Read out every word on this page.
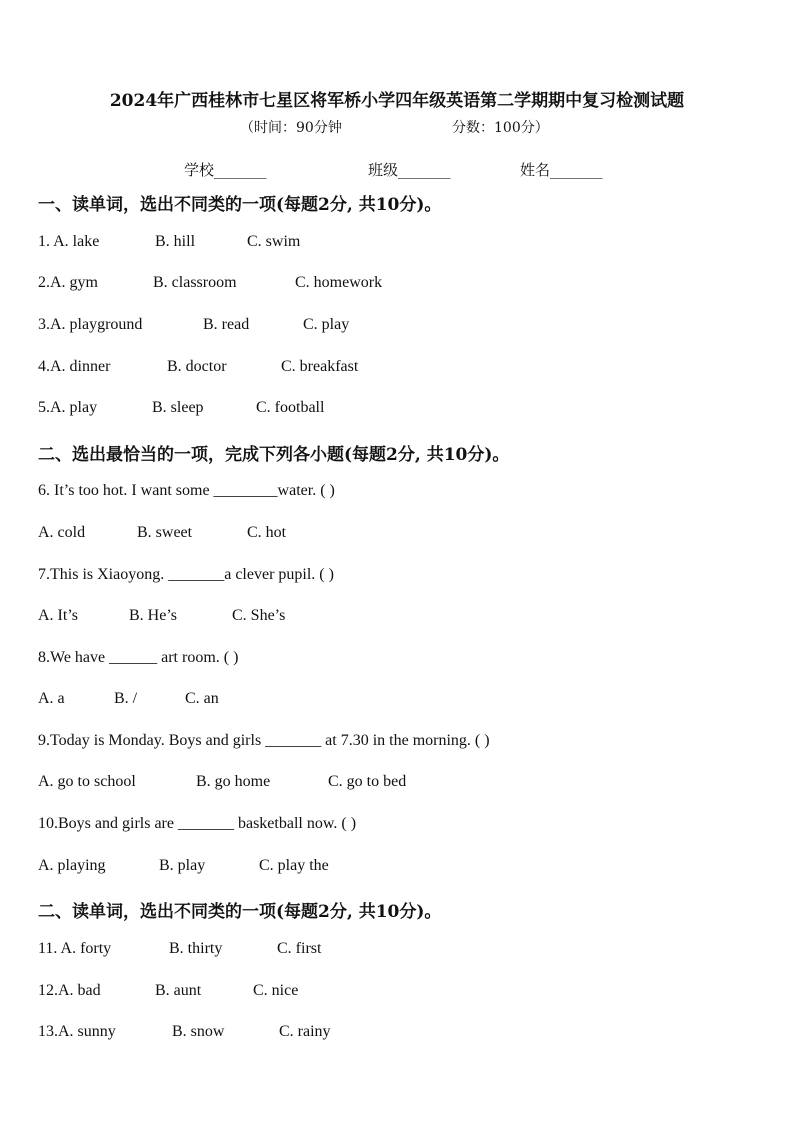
2024年广西桂林市七星区将军桥小学四年级英语第二学期期中复习检测试题
（时间：90分钟	分数：100分）
学校_______	班级_______	姓名_______
一、读单词，选出不同类的一项(每题2分, 共10分)。
1. A. lake	B. hill	C. swim
2.A. gym	B. classroom	C. homework
3.A. playground	B. read	C. play
4.A. dinner	B. doctor	C. breakfast
5.A. play	B. sleep	C. football
二、选出最恰当的一项，完成下列各小题(每题2分, 共10分)。
6. It’s too hot. I want some ________water. ( )
A. cold	B. sweet	C. hot
7.This is Xiaoyong. _______a clever pupil. ( )
A. It’s	B. He’s	C. She’s
8.We have ______ art room. ( )
A. a	B. /	C. an
9.Today is Monday. Boys and girls _______ at 7.30 in the morning. ( )
A. go to school	B. go home	C. go to bed
10.Boys and girls are _______ basketball now. ( )
A. playing	B. play	C. play the
二、读单词，选出不同类的一项(每题2分, 共10分)。
11. A. forty	B. thirty	C. first
12.A. bad	B. aunt	C. nice
13.A. sunny	B. snow	C. rainy
